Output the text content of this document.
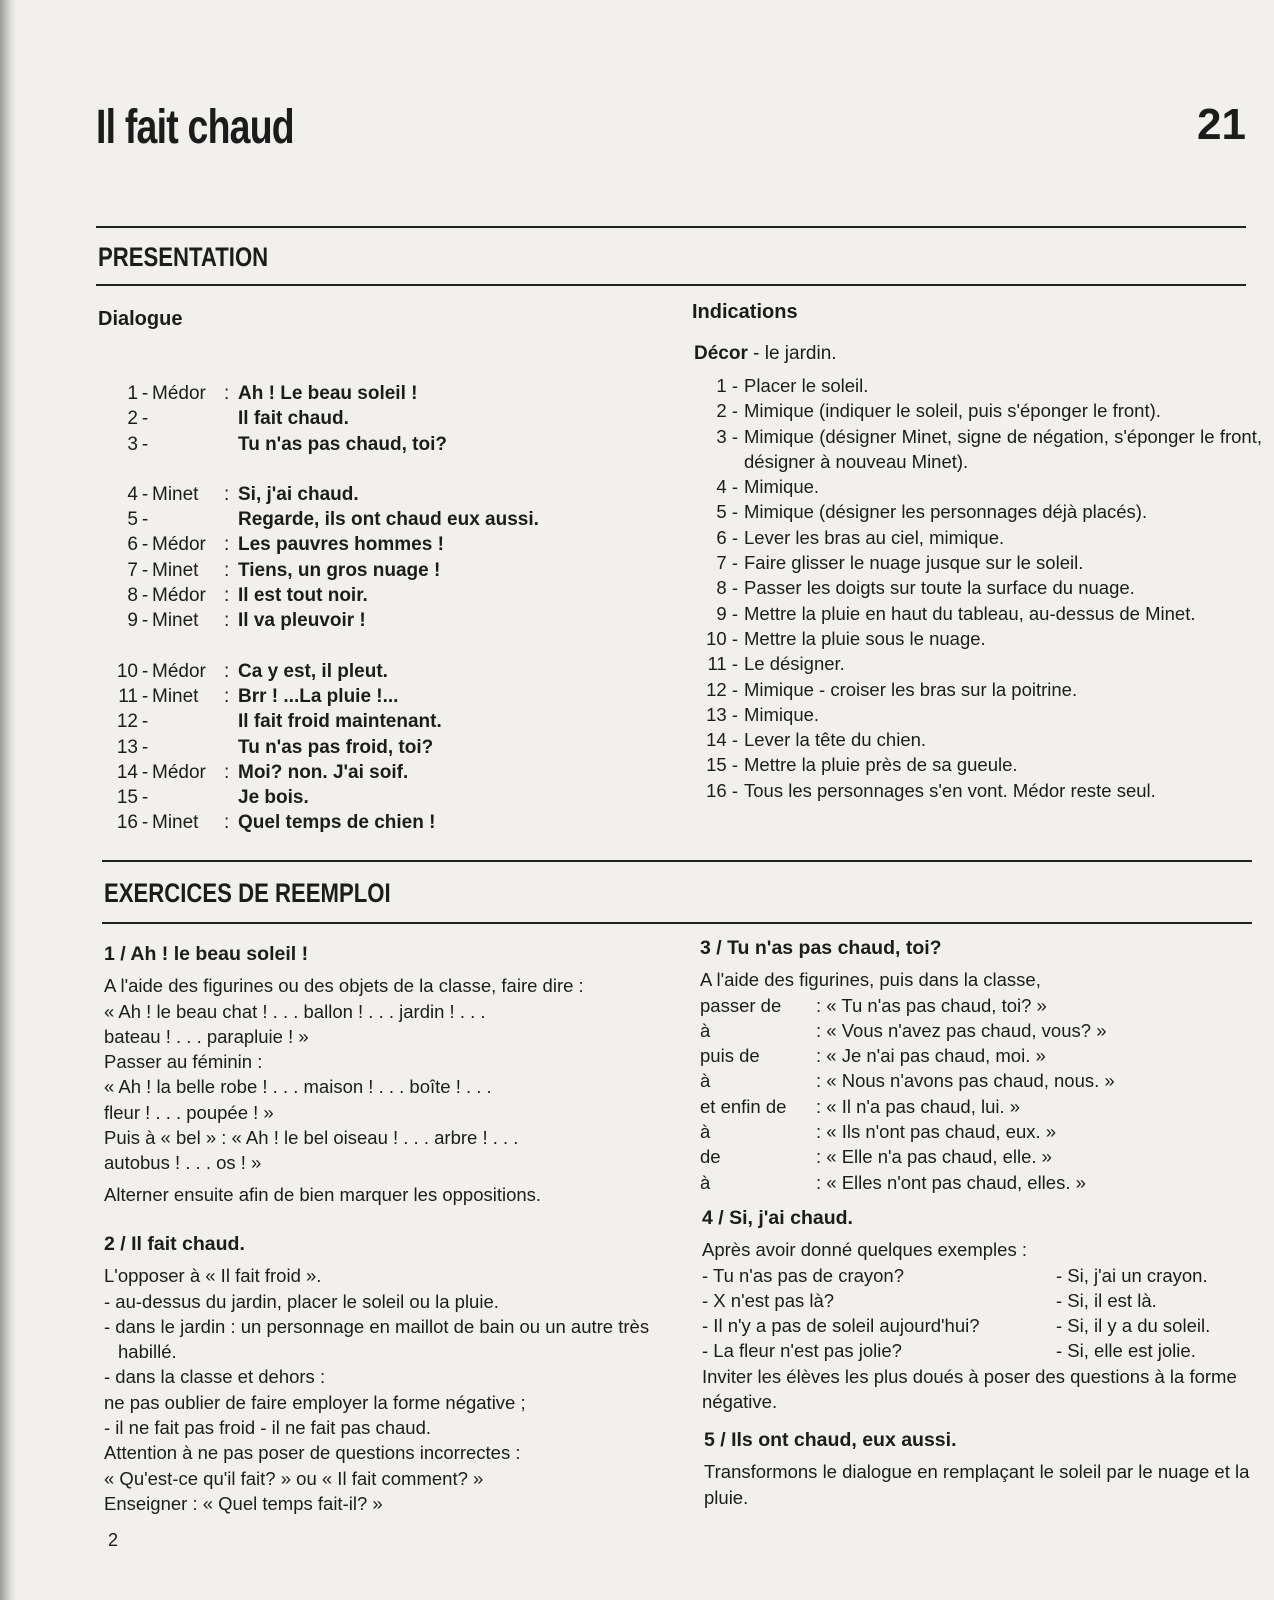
Il fait chaud	21
PRESENTATION
Dialogue
1 - Médor : Ah ! Le beau soleil !
2 -	Il fait chaud.
3 -	Tu n'as pas chaud, toi?
4 - Minet	: Si, j'ai chaud.
5 -	Regarde, ils ont chaud eux aussi.
6 - Médor : Les pauvres hommes !
7 - Minet	: Tiens, un gros nuage !
8 - Médor : Il est tout noir.
9 - Minet	: Il va pleuvoir !
10 - Médor : Ca y est, il pleut.
11 - Minet	: Brr ! ...La pluie !...
12 -	Il fait froid maintenant.
13 -	Tu n'as pas froid, toi?
14 - Médor : Moi? non. J'ai soif.
15 -	Je bois.
16 - Minet	: Quel temps de chien !
Indications
Décor - le jardin.
1 - Placer le soleil.
2 - Mimique (indiquer le soleil, puis s'éponger le front).
3 - Mimique (désigner Minet, signe de négation, s'éponger le front, désigner à nouveau Minet).
4 - Mimique.
5 - Mimique (désigner les personnages déjà placés).
6 - Lever les bras au ciel, mimique.
7 - Faire glisser le nuage jusque sur le soleil.
8 - Passer les doigts sur toute la surface du nuage.
9 - Mettre la pluie en haut du tableau, au-dessus de Minet.
10 - Mettre la pluie sous le nuage.
11 - Le désigner.
12 - Mimique - croiser les bras sur la poitrine.
13 - Mimique.
14 - Lever la tête du chien.
15 - Mettre la pluie près de sa gueule.
16 - Tous les personnages s'en vont. Médor reste seul.
EXERCICES DE REEMPLOI

1 / Ah ! le beau soleil !

A l'aide des figurines ou des objets de la classe, faire dire :

« Ah ! le beau chat ! . . . ballon ! . . . jardin ! . . .

bateau ! . . . parapluie ! »

Passer au féminin :

« Ah ! la belle robe ! . . . maison ! . . . boîte ! . . .

fleur ! . . . poupée ! »

Puis à « bel » : « Ah ! le bel oiseau ! . . . arbre ! . . .

autobus ! . . . os ! »

Alterner ensuite afin de bien marquer les oppositions.

2 / Il fait chaud.

L'opposer à « Il fait froid ».

- au-dessus du jardin, placer le soleil ou la pluie.

- dans le jardin : un personnage en maillot de bain ou un autre très habillé.

- dans la classe et dehors :

ne pas oublier de faire employer la forme négative ;

- il ne fait pas froid - il ne fait pas chaud.

Attention à ne pas poser de questions incorrectes :

« Qu'est-ce qu'il fait? » ou « Il fait comment? »

Enseigner : « Quel temps fait-il? »

3 / Tu n'as pas chaud, toi?

A l'aide des figurines, puis dans la classe,

passer de	: « Tu n'as pas chaud, toi? »
à	: « Vous n'avez pas chaud, vous? »
puis de	: « Je n'ai pas chaud, moi. »
à	: « Nous n'avons pas chaud, nous. »
et enfin de	: « Il n'a pas chaud, lui. »
à	: « Ils n'ont pas chaud, eux. »
de	: « Elle n'a pas chaud, elle. »
à	: « Elles n'ont pas chaud, elles. »

4 / Si, j'ai chaud.

Après avoir donné quelques exemples :

- Tu n'as pas de crayon?	- Si, j'ai un crayon.
- X n'est pas là?	- Si, il est là.
- Il n'y a pas de soleil aujourd'hui?	- Si, il y a du soleil.
- La fleur n'est pas jolie?	- Si, elle est jolie.

Inviter les élèves les plus doués à poser des questions à la forme négative.

5 / Ils ont chaud, eux aussi.

Transformons le dialogue en remplaçant le soleil par le nuage et la pluie.

2
